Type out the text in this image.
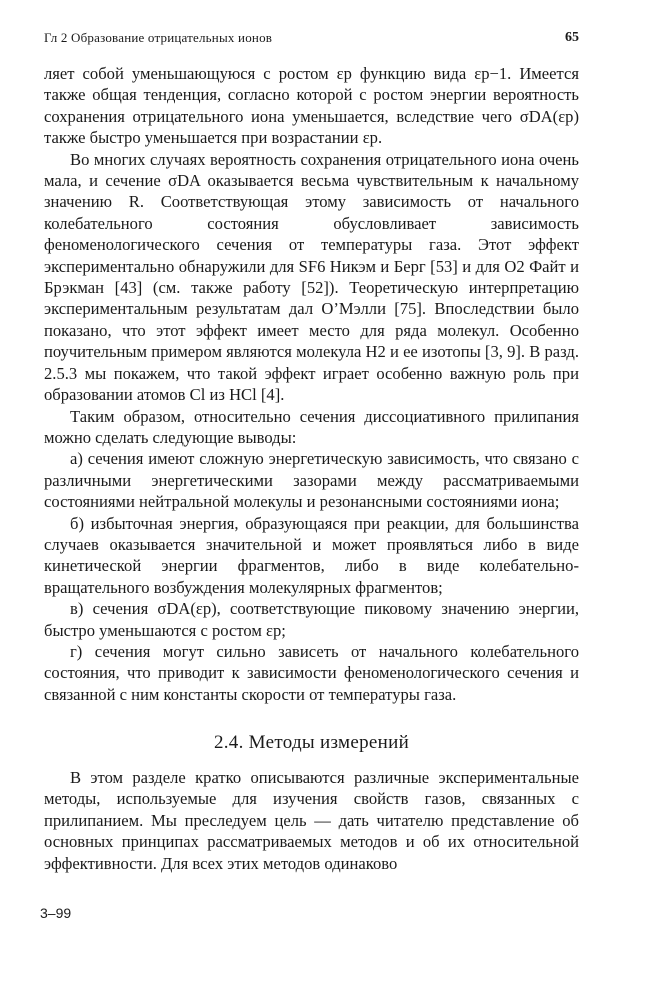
Гл 2 Образование отрицательных ионов	65

ляет собой уменьшающуюся с ростом εр функцию вида εр−1. Имеется также общая тенденция, согласно которой с ростом энергии вероятность сохранения отрицательного иона уменьшается, вследствие чего σDA(εр) также быстро уменьшается при возрастании εр.

Во многих случаях вероятность сохранения отрицательного иона очень мала, и сечение σDA оказывается весьма чувствительным к начальному значению R. Соответствующая этому зависимость от начального колебательного состояния обусловливает зависимость феноменологического сечения от температуры газа. Этот эффект экспериментально обнаружили для SF6 Никэм и Берг [53] и для O2 Файт и Брэкман [43] (см. также работу [52]). Теоретическую интерпретацию экспериментальным результатам дал О’Мэлли [75]. Впоследствии было показано, что этот эффект имеет место для ряда молекул. Особенно поучительным примером являются молекула H2 и ее изотопы [3, 9]. В разд. 2.5.3 мы покажем, что такой эффект играет особенно важную роль при образовании атомов Cl из HCl [4].

Таким образом, относительно сечения диссоциативного прилипания можно сделать следующие выводы:

а) сечения имеют сложную энергетическую зависимость, что связано с различными энергетическими зазорами между рассматриваемыми состояниями нейтральной молекулы и резонансными состояниями иона;

б) избыточная энергия, образующаяся при реакции, для большинства случаев оказывается значительной и может проявляться либо в виде кинетической энергии фрагментов, либо в виде колебательно-вращательного возбуждения молекулярных фрагментов;

в) сечения σDA(εр), соответствующие пиковому значению энергии, быстро уменьшаются с ростом εр;

г) сечения могут сильно зависеть от начального колебательного состояния, что приводит к зависимости феноменологического сечения и связанной с ним константы скорости от температуры газа.

2.4. Методы измерений

В этом разделе кратко описываются различные экспериментальные методы, используемые для изучения свойств газов, связанных с прилипанием. Мы преследуем цель — дать читателю представление об основных принципах рассматриваемых методов и об их относительной эффективности. Для всех этих методов одинаково

3–99
